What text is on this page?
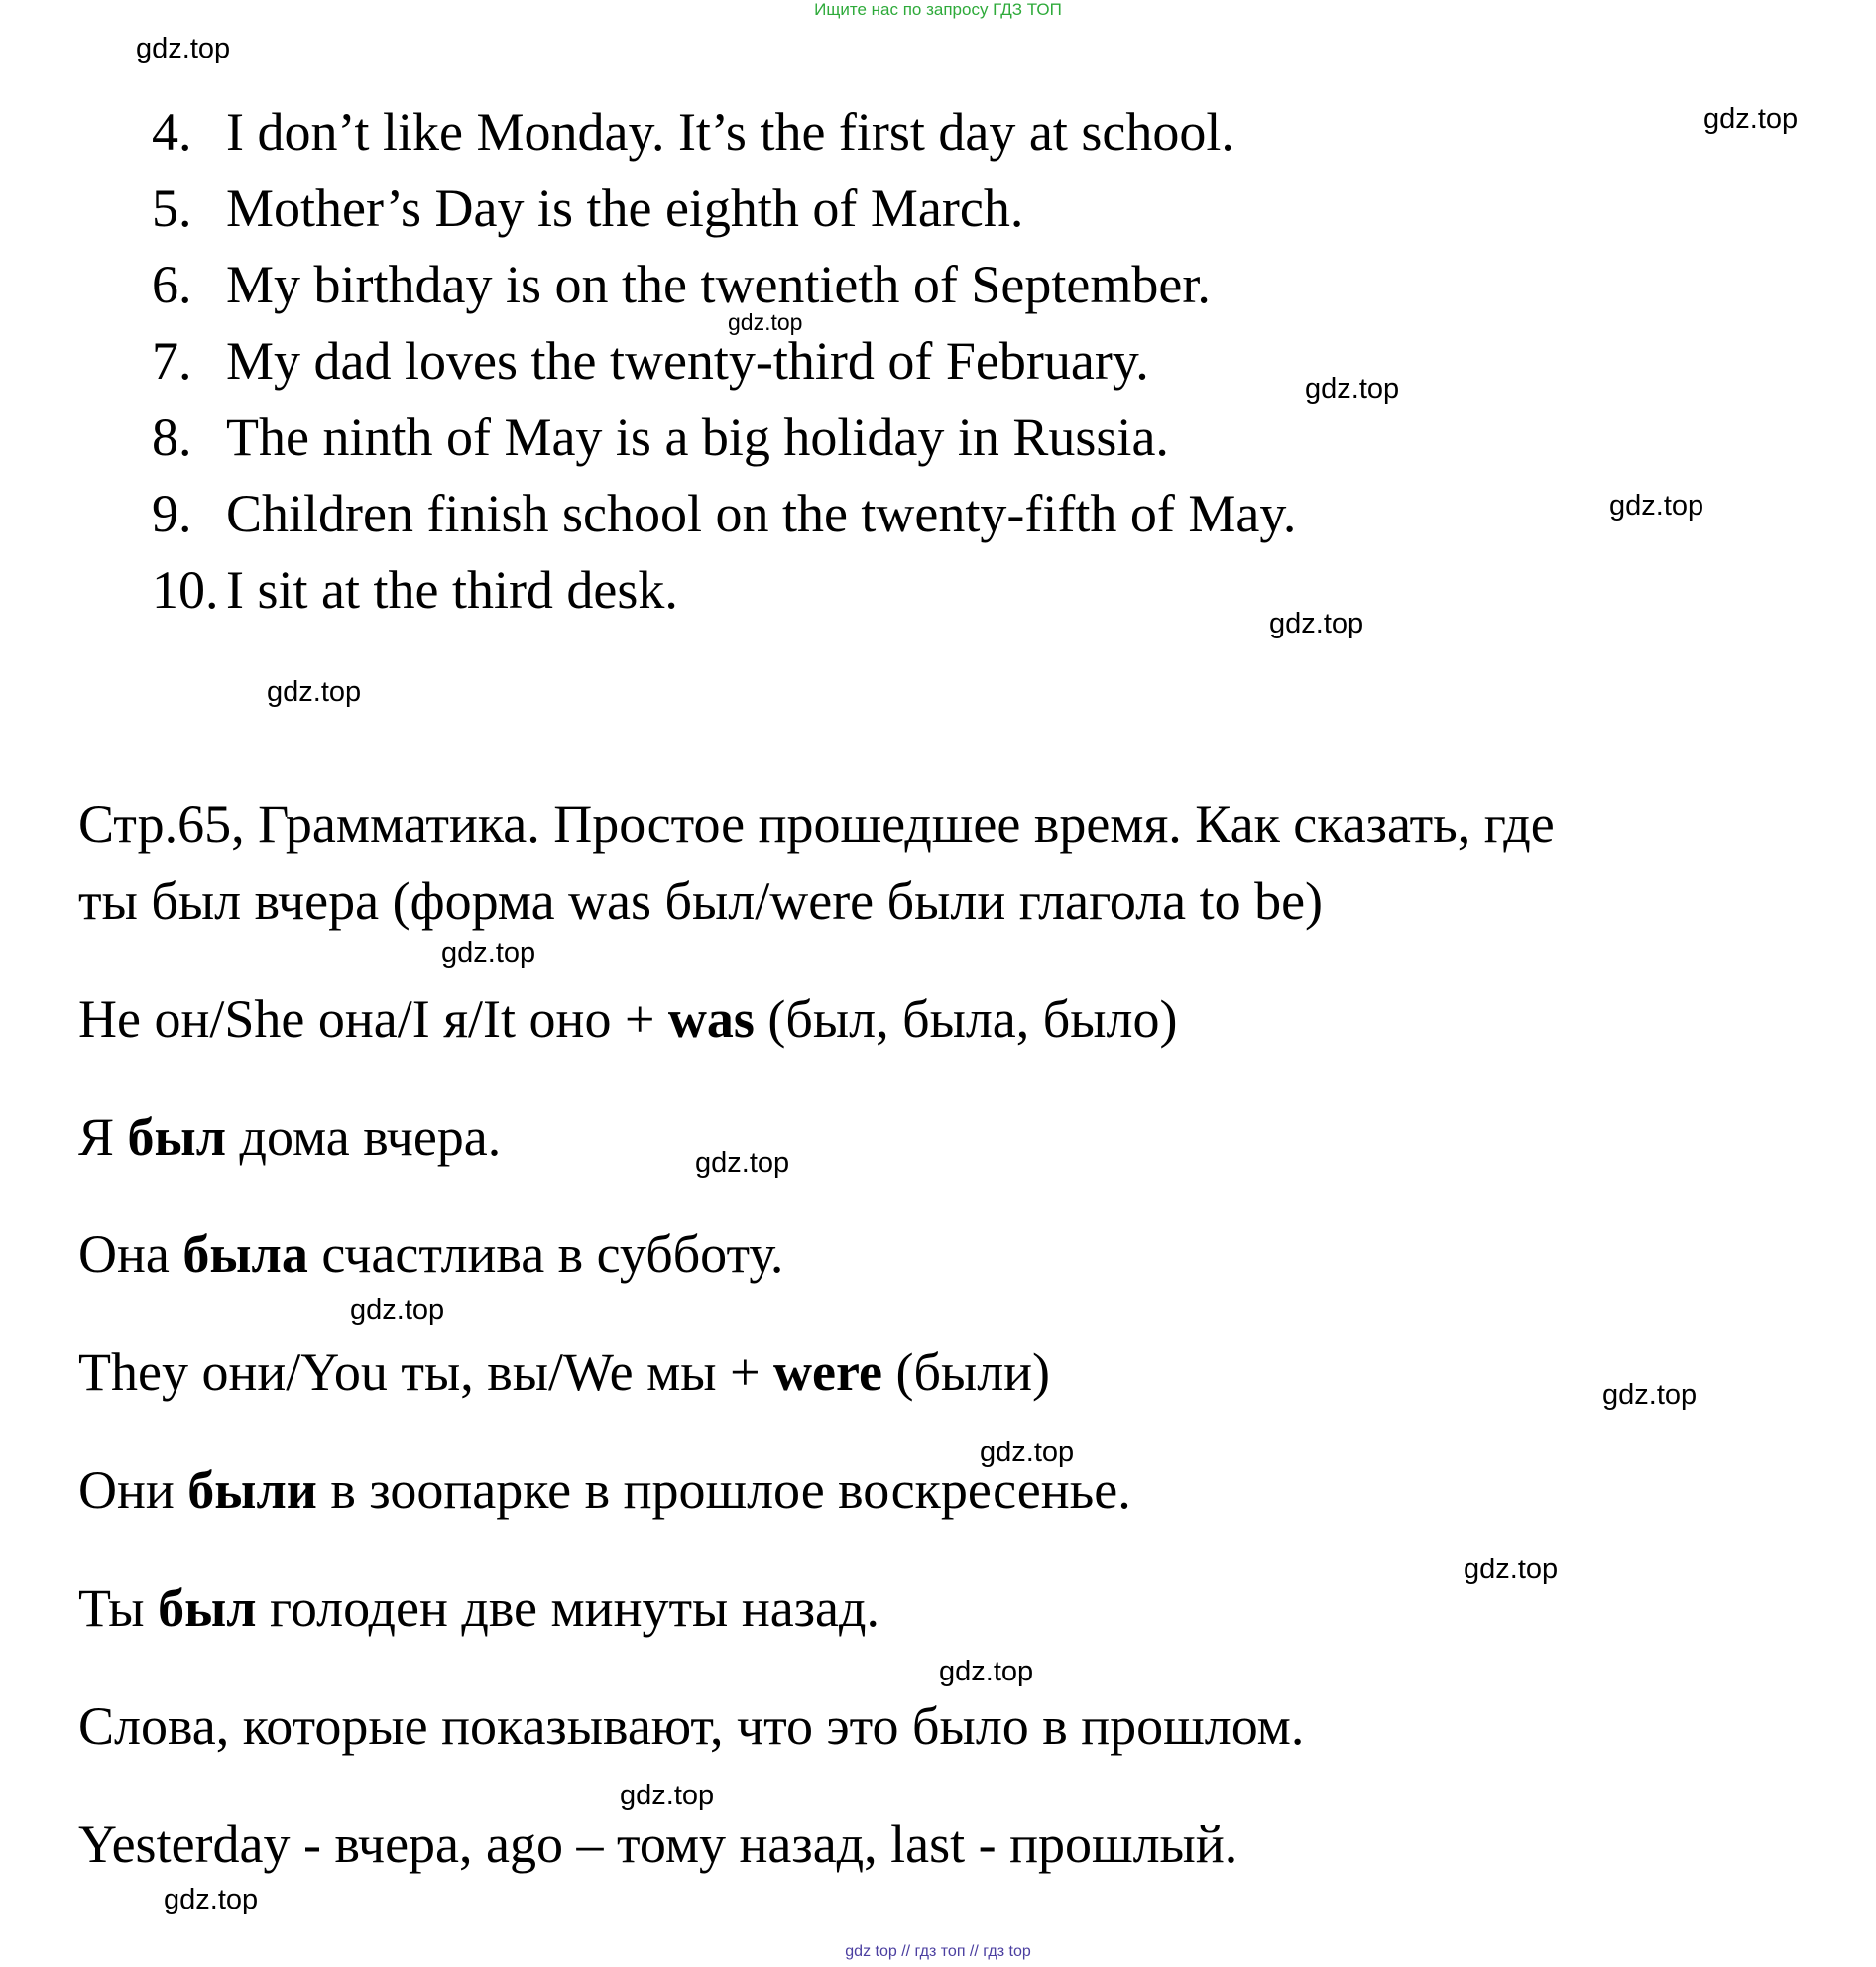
Ищите нас по запросу ГДЗ ТОП
gdz.top
gdz.top
gdz.top
gdz.top
gdz.top
gdz.top
gdz.top
gdz.top
gdz.top
gdz.top
gdz.top
gdz.top
gdz.top
gdz.top
gdz.top
gdz.top
4. I don’t like Monday. It’s the first day at school.
5. Mother’s Day is the eighth of March.
6. My birthday is on the twentieth of September.
7. My dad loves the twenty-third of February.
8. The ninth of May is a big holiday in Russia.
9. Children finish school on the twenty-fifth of May.
10. I sit at the third desk.
Стр.65, Грамматика. Простое прошедшее время. Как сказать, где
ты был вчера (форма was был/were были глагола to be)
He он/She она/I я/It оно + was (был, была, было)
Я был дома вчера.
Она была счастлива в субботу.
They они/You ты, вы/We мы + were (были)
Они были в зоопарке в прошлое воскресенье.
Ты был голоден две минуты назад.
Слова, которые показывают, что это было в прошлом.
Yesterday - вчера, ago – тому назад, last - прошлый.
gdz top // гдз топ // гдз top
